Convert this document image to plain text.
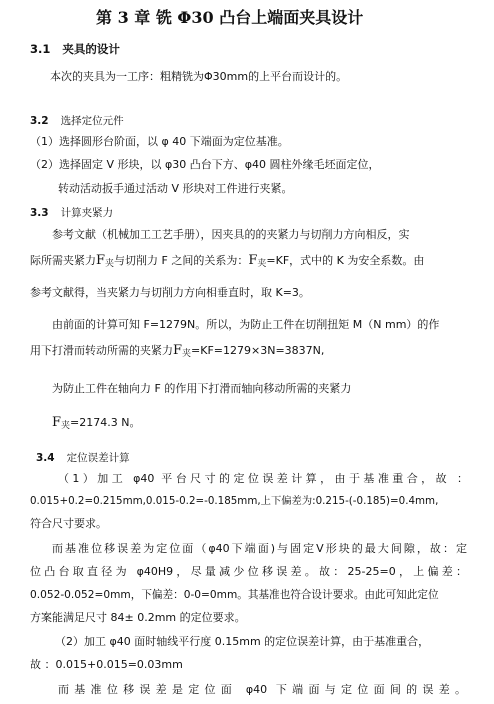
第 3 章 铣 Φ30 凸台上端面夹具设计
3.1 夹具的设计
本次的夹具为一工序：粗精铣为Φ30mm的上平台而设计的。
3.2 选择定位元件
（1）选择圆形台阶面，以 φ 40 下端面为定位基准。
（2）选择固定 V 形块，以 φ30 凸台下方、φ40 圆柱外缘毛坯面定位，
转动活动扳手通过活动 V 形块对工件进行夹紧。
3.3 计算夹紧力
参考文献（机械加工工艺手册），因夹具的的夹紧力与切削力方向相反，实
际所需夹紧力$F_夹$与切削力 F 之间的关系为：$F_夹=KF$，式中的 K 为安全系数。由
参考文献得，当夹紧力与切削力方向相垂直时，取 K=3。
由前面的计算可知 F=1279N。所以，为防止工件在切削扭矩 M（N mm）的作
用下打滑而转动所需的夹紧力$F_夹=KF=1279\times 3N=3837N$,
为防止工件在轴向力 F 的作用下打滑而轴向移动所需的夹紧力
$F_夹=2174.3$ N。
3.4 定位误差计算
（1）加工 φ40 平台尺寸的定位误差计算，由于基准重合，故 ：
0.015+0.2=0.215mm,0.015-0.2=-0.185mm,上下偏差为:0.215-(-0.185)=0.4mm,
符合尺寸要求。
而基准位移误差为定位面（φ40下端面)与固定V形块的最大间隙，故：定
位凸台取直径为 φ40H9，尽量减少位移误差。故：25-25=0，上偏差：
0.052-0.052=0mm，下偏差：0-0=0mm。其基准也符合设计要求。由此可知此定位
方案能满足尺寸 84± 0.2mm 的定位要求。
（2）加工 φ40 面时轴线平行度 0.15mm 的定位误差计算，由于基准重合，
故 ：0.015+0.015=0.03mm
而基准位移误差是定位面 φ40 下端面与定位面间的误差。
